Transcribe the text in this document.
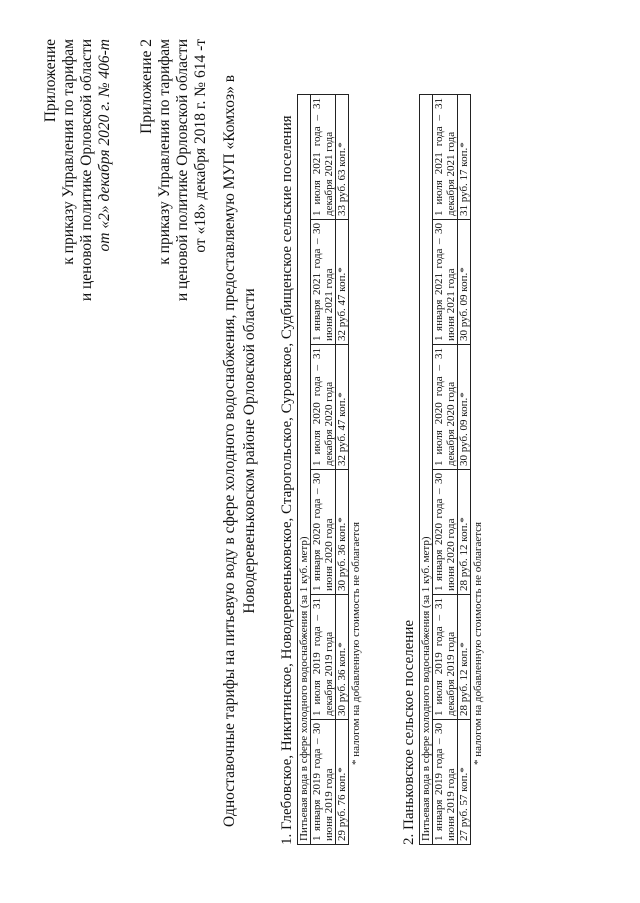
Приложение к приказу Управления по тарифам и ценовой политике Орловской области от «2» декабря 2020 г. № 406-т Приложение 2 к приказу Управления по тарифам и ценовой политике Орловской области от «18» декабря 2018 г. № 614 -т Одноставочные тарифы на питьевую воду в сфере холодного водоснабжения, предоставляемую МУП «Комхоз» в Новодеревеньковском районе Орловской области 1. Глебовское, Никитинское, Новодеревеньковское, Старогольское, Суровское, Судбищенское сельские поселения Питьевая вода в сфере холодного водоснабжения (за 1 куб. метр)					
1 января 2019 года – 30 июня 2019 года	1 июля 2019 года – 31 декабря 2019 года	1 января 2020 года – 30 июня 2020 года	1 июля 2020 года – 31 декабря 2020 года	1 января 2021 года – 30 июня 2021 года	1 июля 2021 года – 31 декабря 2021 года
29 руб. 76 коп.*	30 руб. 36 коп.*	30 руб. 36 коп.*	32 руб. 47 коп.*	32 руб. 47 коп.*	33 руб. 63 коп.*
* налогом на добавленную стоимость не облагается	2. Паньковское сельское поселение Питьевая вода в сфере холодного водоснабжения (за 1 куб. метр)					
1 января 2019 года – 30 июня 2019 года	1 июля 2019 года – 31 декабря 2019 года	1 января 2020 года – 30 июня 2020 года	1 июля 2020 года – 31 декабря 2020 года	1 января 2021 года – 30 июня 2021 года	1 июля 2021 года – 31 декабря 2021 года
27 руб. 57 коп.*	28 руб. 12 коп.*	28 руб. 12 коп.*	30 руб. 09 коп.*	30 руб. 09 коп.*	31 руб. 17 коп.*
* налогом на добавленную стоимость не облагается
